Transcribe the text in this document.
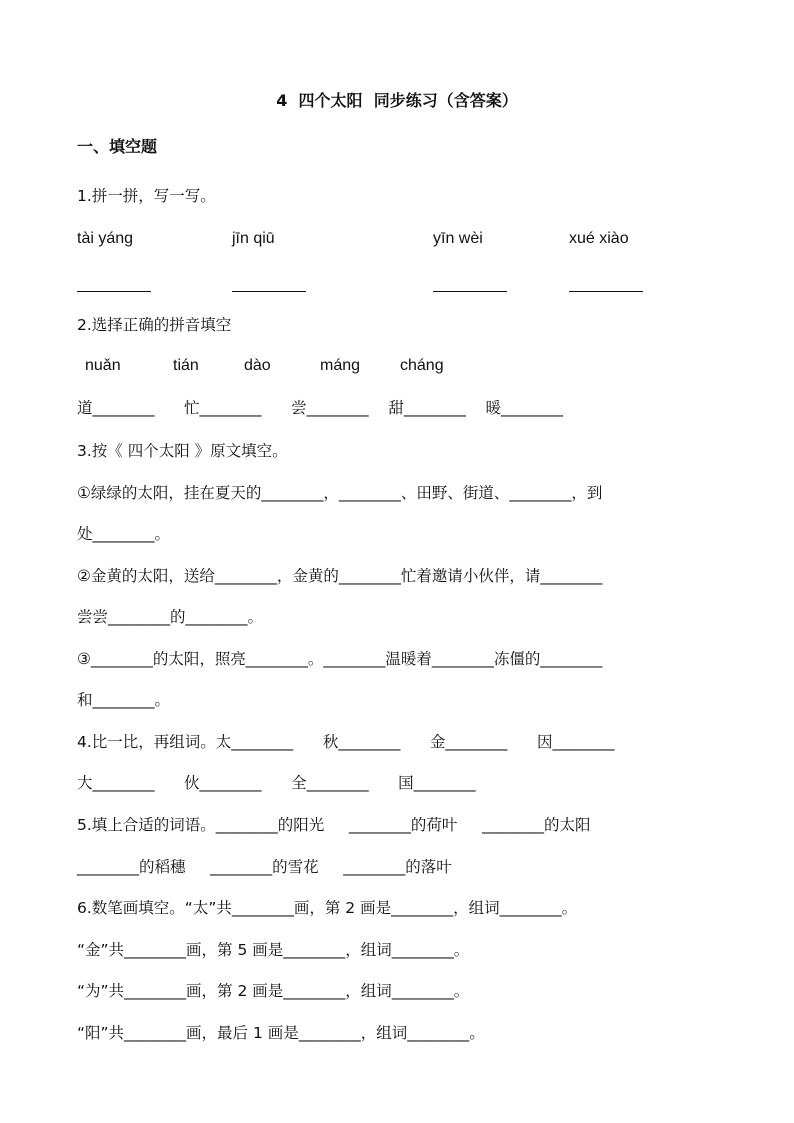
4  四个太阳  同步练习（含答案）
一、填空题
1.拼一拼，写一写。
tài yáng	jīn qiū	yīn wèi	xué xiào
2.选择正确的拼音填空
nuǎn	tián	dào	máng cháng
道________      忙________      尝________    甜________    暖________
3.按《 四个太阳 》原文填空。
①绿绿的太阳，挂在夏天的________，________、田野、街道、________，到
处________。
②金黄的太阳，送给________，金黄的________忙着邀请小伙伴，请________
尝尝________的________。
③________的太阳，照亮________。________温暖着________冻僵的________
和________。
4.比一比，再组词。太________      秋________      金________      因________
大________      伙________      全________      国________
5.填上合适的词语。________的阳光     ________的荷叶     ________的太阳
________的稻穗     ________的雪花     ________的落叶
6.数笔画填空。“太”共________画，第 2 画是________，组词________。
“金”共________画，第 5 画是________，组词________。
“为”共________画，第 2 画是________，组词________。
“阳”共________画，最后 1 画是________，组词________。
